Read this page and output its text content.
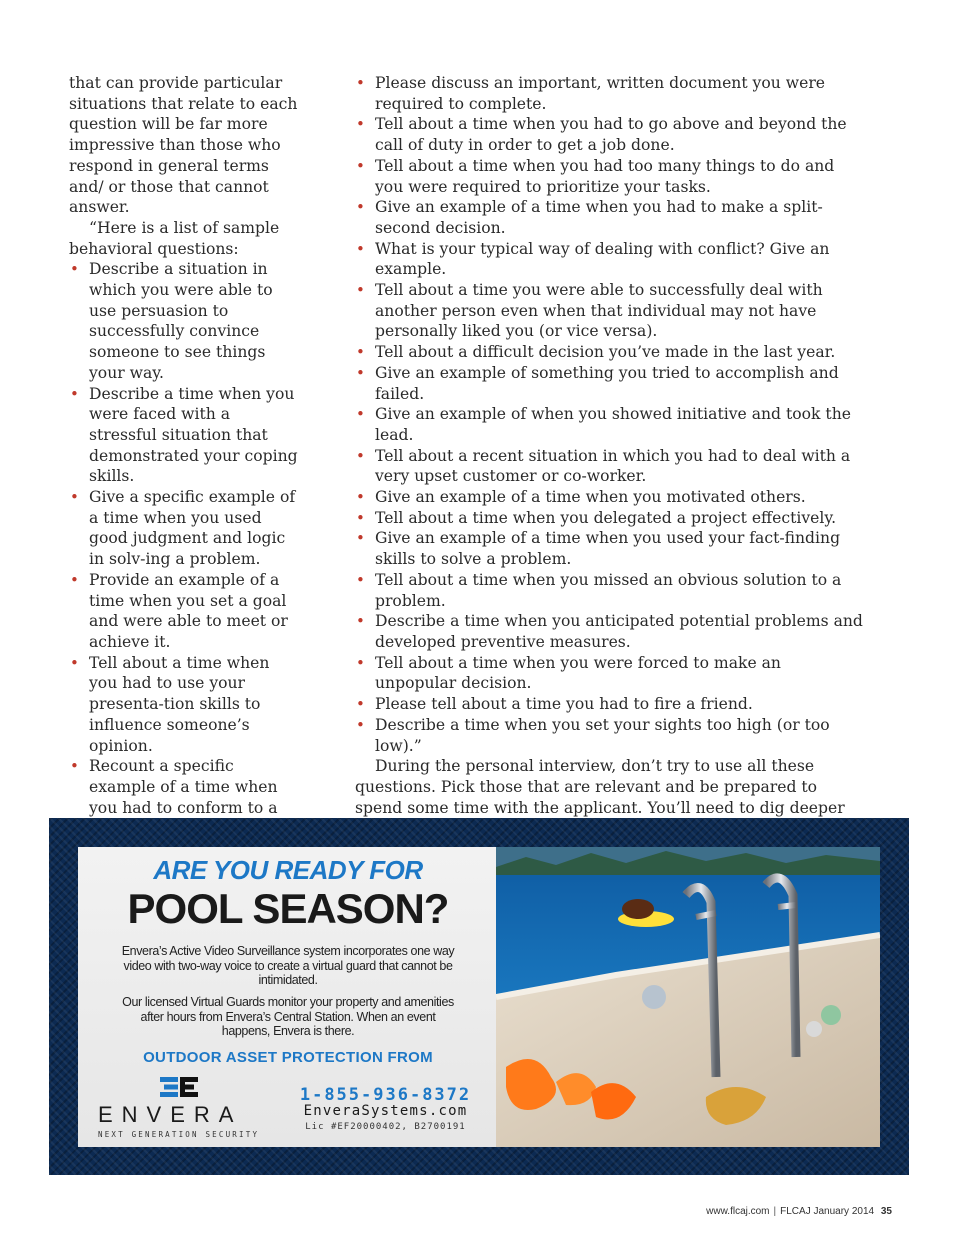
that can provide particular situations that relate to each question will be far more impressive than those who respond in general terms and/ or those that cannot answer.

“Here is a list of sample behavioral questions:

• Describe a situation in which you were able to use persuasion to successfully convince someone to see things your way.
• Describe a time when you were faced with a stressful situation that demonstrated your coping skills.
• Give a specific example of a time when you used good judgment and logic in solv-ing a problem.
• Provide an example of a time when you set a goal and were able to meet or achieve it.
• Tell about a time when you had to use your presenta-tion skills to influence someone’s opinion.
• Recount a specific example of a time when you had to conform to a
• Please discuss an important, written document you were required to complete.
• Tell about a time when you had to go above and beyond the call of duty in order to get a job done.
• Tell about a time when you had too many things to do and you were required to prioritize your tasks.
• Give an example of a time when you had to make a split-second decision.
• What is your typical way of dealing with conflict? Give an example.
• Tell about a time you were able to successfully deal with another person even when that individual may not have personally liked you (or vice versa).
• Tell about a difficult decision you’ve made in the last year.
• Give an example of something you tried to accomplish and failed.
• Give an example of when you showed initiative and took the lead.
• Tell about a recent situation in which you had to deal with a very upset customer or co-worker.
• Give an example of a time when you motivated others.
• Tell about a time when you delegated a project effectively.
• Give an example of a time when you used your fact-finding skills to solve a problem.
• Tell about a time when you missed an obvious solution to a problem.
• Describe a time when you anticipated potential problems and developed preventive measures.
• Tell about a time when you were forced to make an unpopular decision.
• Please tell about a time you had to fire a friend.
• Describe a time when you set your sights too high (or too low).”

During the personal interview, don’t try to use all these questions. Pick those that are relevant and be prepared to spend some time with the applicant. You’ll need to dig deeper

•
ARE YOU READY FOR
POOL SEASON?
Envera’s Active Video Surveillance system incorporates one way video with two-way voice to create a virtual guard that cannot be intimidated.
Our licensed Virtual Guards monitor your property and amenities after hours from Envera’s Central Station. When an event happens, Envera is there.
OUTDOOR ASSET PROTECTION FROM
ENVERA
NEXT GENERATION SECURITY
1-855-936-8372
EnveraSystems.com
Lic #EF20000402, B2700191
www.flcaj.com | FLCAJ January 2014 35
